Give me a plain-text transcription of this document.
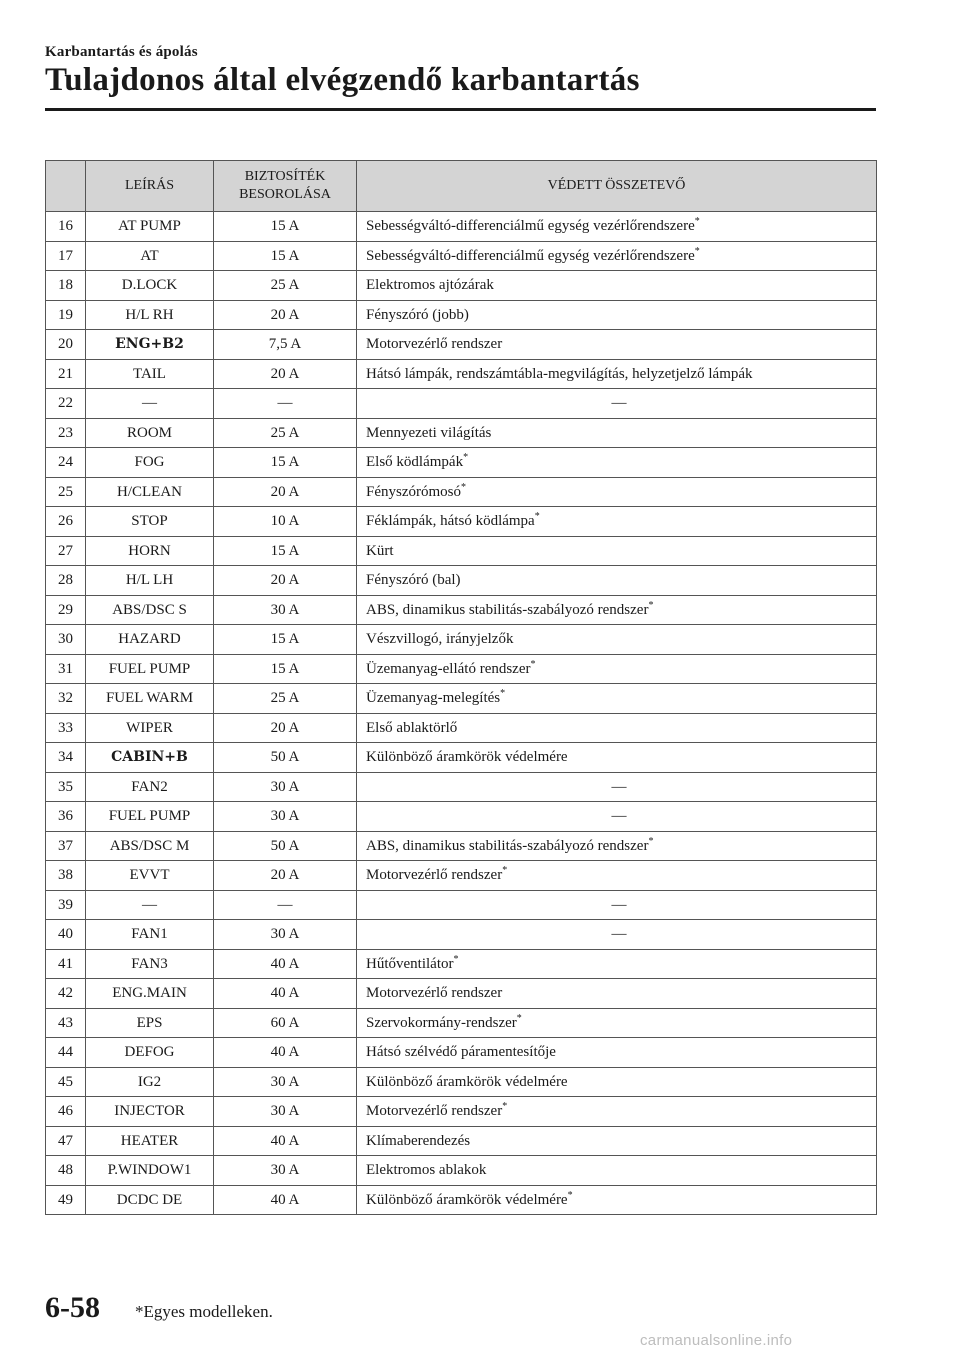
Karbantartás és ápolás
Tulajdonos által elvégzendő karbantartás
	LEÍRÁS	BIZTOSÍTÉK BESOROLÁSA	VÉDETT ÖSSZETEVŐ
16	AT PUMP	15 A	Sebességváltó-differenciálmű egység vezérlőrendszere*
17	AT	15 A	Sebességváltó-differenciálmű egység vezérlőrendszere*
18	D.LOCK	25 A	Elektromos ajtózárak
19	H/L RH	20 A	Fényszóró (jobb)
20	ENG+B2	7,5 A	Motorvezérlő rendszer
21	TAIL	20 A	Hátsó lámpák, rendszámtábla-megvilágítás, helyzetjelző lámpák
22	—	—	—
23	ROOM	25 A	Mennyezeti világítás
24	FOG	15 A	Első ködlámpák*
25	H/CLEAN	20 A	Fényszórómosó*
26	STOP	10 A	Féklámpák, hátsó ködlámpa*
27	HORN	15 A	Kürt
28	H/L LH	20 A	Fényszóró (bal)
29	ABS/DSC S	30 A	ABS, dinamikus stabilitás-szabályozó rendszer*
30	HAZARD	15 A	Vészvillogó, irányjelzők
31	FUEL PUMP	15 A	Üzemanyag-ellátó rendszer*
32	FUEL WARM	25 A	Üzemanyag-melegítés*
33	WIPER	20 A	Első ablaktörlő
34	CABIN+B	50 A	Különböző áramkörök védelmére
35	FAN2	30 A	—
36	FUEL PUMP	30 A	—
37	ABS/DSC M	50 A	ABS, dinamikus stabilitás-szabályozó rendszer*
38	EVVT	20 A	Motorvezérlő rendszer*
39	—	—	—
40	FAN1	30 A	—
41	FAN3	40 A	Hűtőventilátor*
42	ENG.MAIN	40 A	Motorvezérlő rendszer
43	EPS	60 A	Szervokormány-rendszer*
44	DEFOG	40 A	Hátsó szélvédő páramentesítője
45	IG2	30 A	Különböző áramkörök védelmére
46	INJECTOR	30 A	Motorvezérlő rendszer*
47	HEATER	40 A	Klímaberendezés
48	P.WINDOW1	30 A	Elektromos ablakok
49	DCDC DE	40 A	Különböző áramkörök védelmére*
6-58 *Egyes modelleken.
carmanualsonline.info
